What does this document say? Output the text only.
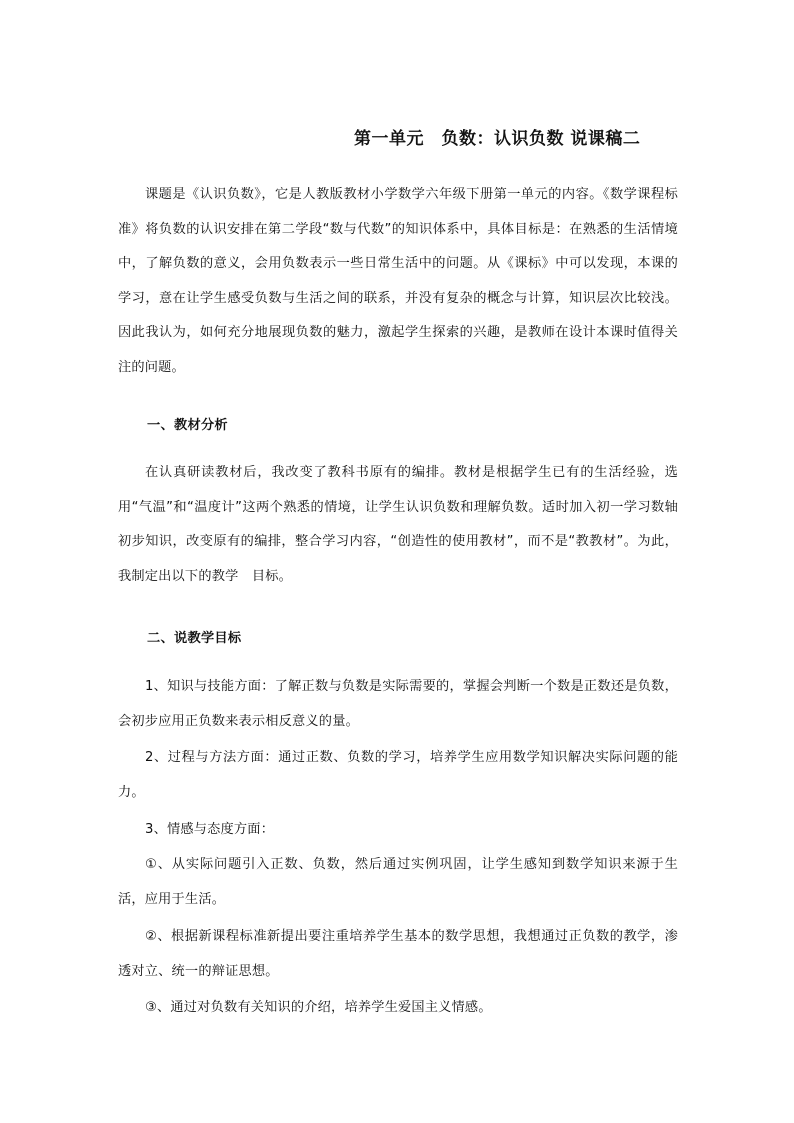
第一单元　负数：认识负数 说课稿二
课题是《认识负数》，它是人教版教材小学数学六年级下册第一单元的内容。《数学课程标准》将负数的认识安排在第二学段“数与代数”的知识体系中，具体目标是：在熟悉的生活情境中，了解负数的意义，会用负数表示一些日常生活中的问题。从《课标》中可以发现，本课的学习，意在让学生感受负数与生活之间的联系，并没有复杂的概念与计算，知识层次比较浅。因此我认为，如何充分地展现负数的魅力，激起学生探索的兴趣，是教师在设计本课时值得关注的问题。
一、教材分析
在认真研读教材后，我改变了教科书原有的编排。教材是根据学生已有的生活经验，选用“气温”和“温度计”这两个熟悉的情境，让学生认识负数和理解负数。适时加入初一学习数轴初步知识，改变原有的编排，整合学习内容，“创造性的使用教材”，而不是“教教材”。为此，我制定出以下的教学　目标。
二、说教学目标
1、知识与技能方面：了解正数与负数是实际需要的，掌握会判断一个数是正数还是负数，会初步应用正负数来表示相反意义的量。
2、过程与方法方面：通过正数、负数的学习，培养学生应用数学知识解决实际问题的能力。
3、情感与态度方面：
①、从实际问题引入正数、负数，然后通过实例巩固，让学生感知到数学知识来源于生活，应用于生活。
②、根据新课程标准新提出要注重培养学生基本的数学思想，我想通过正负数的教学，渗透对立、统一的辩证思想。
③、通过对负数有关知识的介绍，培养学生爱国主义情感。
